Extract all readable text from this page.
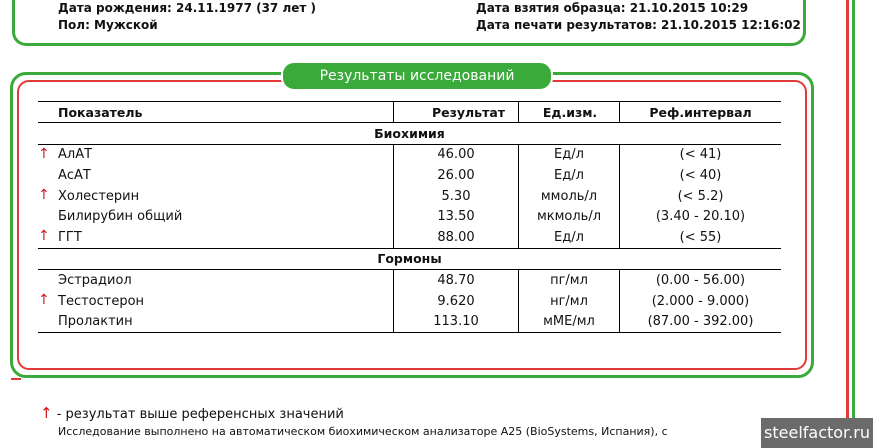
Дата рождения: 24.11.1977 (37 лет )
Пол: Мужской
Дата взятия образца: 21.10.2015 10:29
Дата печати результатов: 21.10.2015 12:16:02
Результаты исследований
Показатель	Результат	Ед.изм.	Реф.интервал
Биохимия			

↑ АлАТ	46.00	Ед/л	(< 41)
АсАТ	26.00	Ед/л	(< 40)

↑ Холестерин	5.30	ммоль/л	(< 5.2)
Билирубин общий	13.50	мкмоль/л	(3.40 - 20.10)

↑ ГГТ	88.00	Ед/л	(< 55)
Гормоны			
Эстрадиол	48.70	пг/мл	(0.00 - 56.00)

↑ Тестостерон	9.620	нг/мл	(2.000 - 9.000)
Пролактин	113.10	мМЕ/мл	(87.00 - 392.00)
↑ - результат выше референсных значений
Исследование выполнено на автоматическом биохимическом анализаторе A25 (BioSystems, Испания), с	steelfactor.ru
